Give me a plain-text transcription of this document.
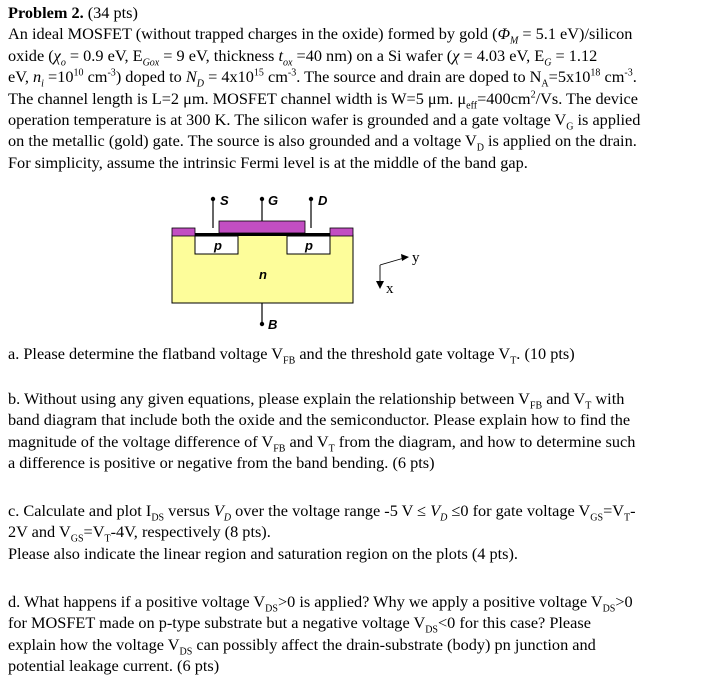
Problem 2. (34 pts)
An ideal MOSFET (without trapped charges in the oxide) formed by gold ($\Phi_M = 5.1$ eV)/silicon
oxide ($\chi_o = 0.9$ eV, $E_{Gox} = 9$ eV, thickness $t_{ox} =40$ nm) on a Si wafer (χ = 4.03 eV, $E_G = 1.12$
eV, $n_i =10^{10}$ $cm^{-3}$) doped to $N_D = 4x10^{15}$ $cm^{-3}$. The source and drain are doped to $N_A=5x10^{18}$ $cm^{-3}$.
The channel length is L=2 μm. MOSFET channel width is W=5 μm. $\mu_{eff}=400cm^2/Vs$. The device
operation temperature is at 300 K. The silicon wafer is grounded and a gate voltage $V_G$ is applied
on the metallic (gold) gate. The source is also grounded and a voltage $V_D$ is applied on the drain.
For simplicity, assume the intrinsic Fermi level is at the middle of the band gap.

S	G	D
p	p
n
B
y
x

a. Please determine the flatband voltage $V_{FB}$ and the threshold gate voltage $V_T$. (10 pts)

b. Without using any given equations, please explain the relationship between $V_{FB}$ and $V_T$ with
band diagram that include both the oxide and the semiconductor. Please explain how to find the
magnitude of the voltage difference of $V_{FB}$ and $V_T$ from the diagram, and how to determine such
a difference is positive or negative from the band bending. (6 pts)

c. Calculate and plot $I_{DS}$ versus $V_D$ over the voltage range -5 $V \le V_D \le 0$ for gate voltage $V_{GS}=V_T-$
2V and $V_{GS}=V_T-4V$, respectively (8 pts).
Please also indicate the linear region and saturation region on the plots (4 pts).

d. What happens if a positive voltage $V_{DS}>0$ is applied? Why we apply a positive voltage $V_{DS}>0$
for MOSFET made on p-type substrate but a negative voltage $V_{DS}<0$ for this case? Please
explain how the voltage $V_{DS}$ can possibly affect the drain-substrate (body) pn junction and
potential leakage current. (6 pts)
